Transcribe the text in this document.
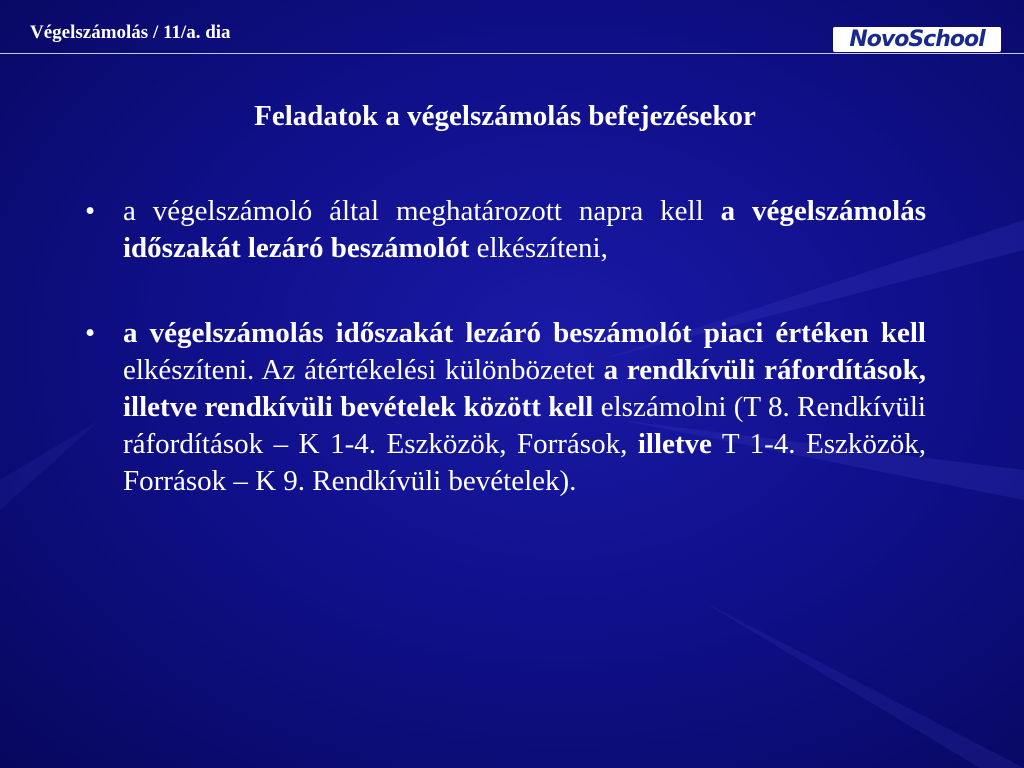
Végelszámolás / 11/a. dia	NovoSchool
Feladatok a végelszámolás befejezésekor
• a végelszámoló által meghatározott napra kell a végelszámolás időszakát lezáró beszámolót elkészíteni,
• a végelszámolás időszakát lezáró beszámolót piaci értéken kell elkészíteni. Az átértékelési különbözetet a rendkívüli ráfordítások, illetve rendkívüli bevételek között kell elszámolni (T 8. Rendkívüli ráfordítások – K 1-4. Eszközök, Források, illetve T 1-4. Eszközök, Források – K 9. Rendkívüli bevételek).
